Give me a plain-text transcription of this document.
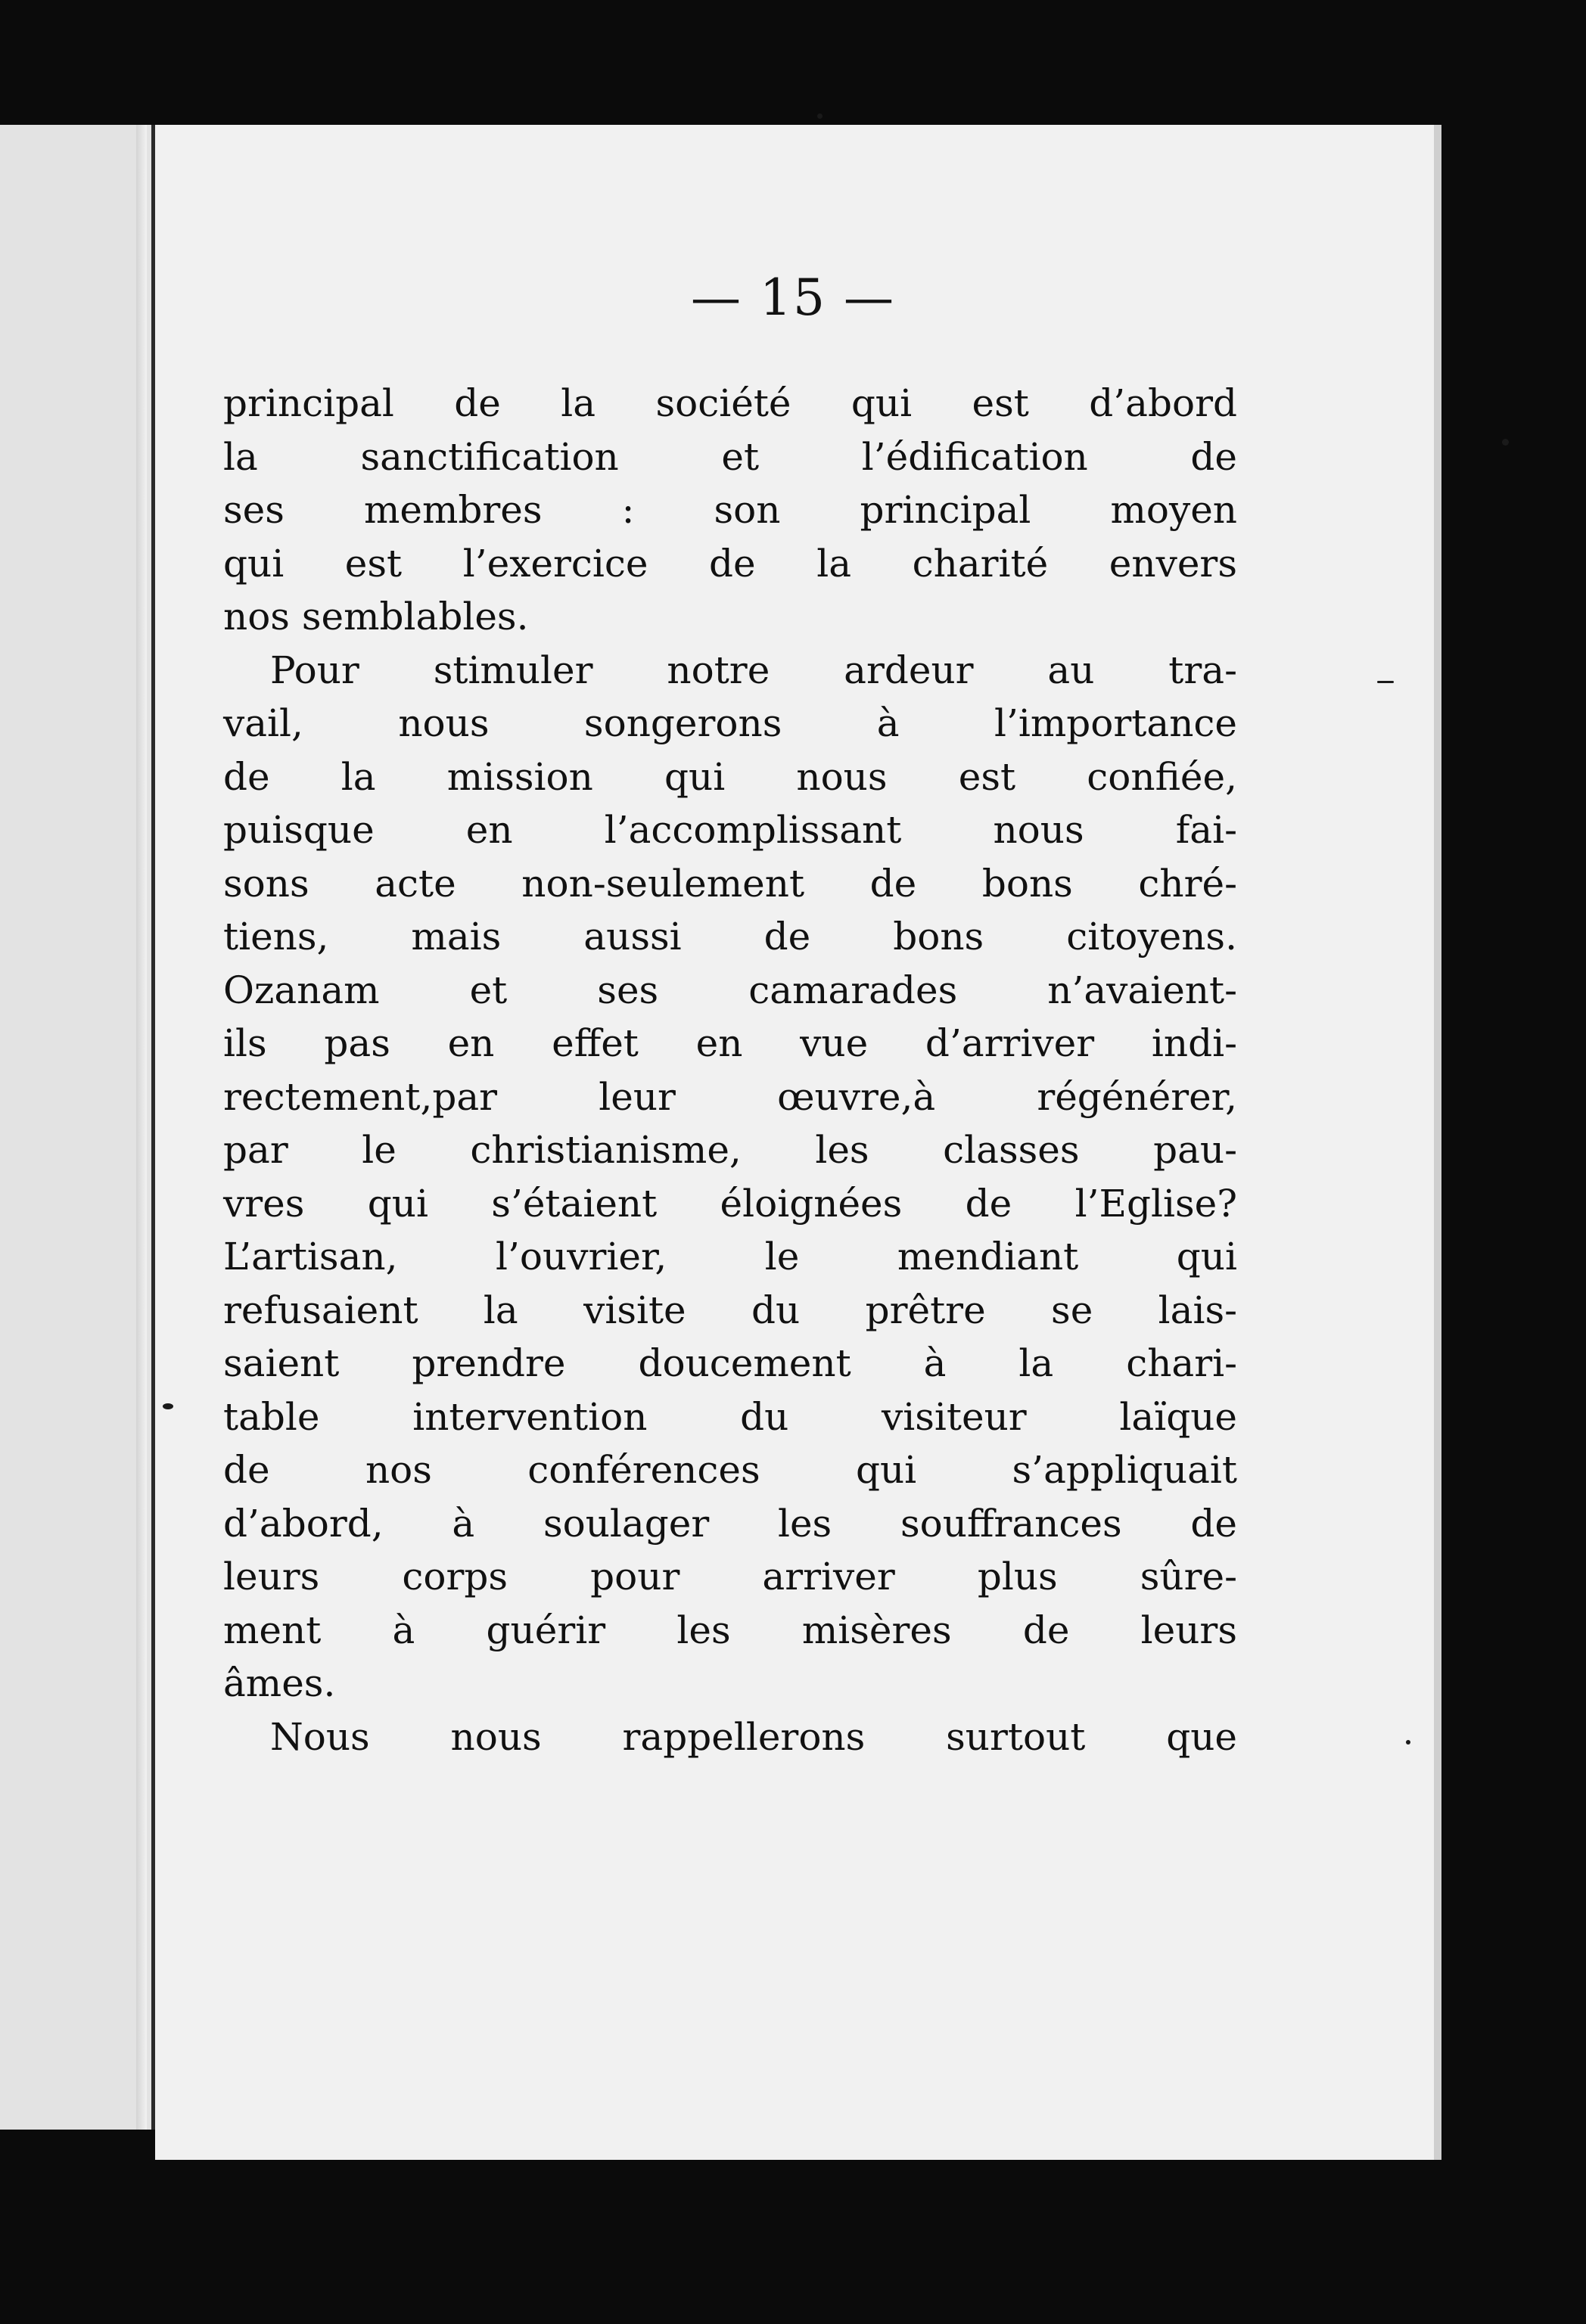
— 15 —
principal de la société qui est d’abord
la sanctification et l’édification de
ses membres : son principal moyen
qui est l’exercice de la charité envers
nos semblables.
Pour stimuler notre ardeur au tra-
vail, nous songerons à l’importance
de la mission qui nous est confiée,
puisque en l’accomplissant nous fai-
sons acte non-seulement de bons chré-
tiens, mais aussi de bons citoyens.
Ozanam et ses camarades n’avaient-
ils pas en effet en vue d’arriver indi-
rectement,par leur œuvre,à régénérer,
par le christianisme, les classes pau-
vres qui s’étaient éloignées de l’Eglise?
L’artisan, l’ouvrier, le mendiant qui
refusaient la visite du prêtre se lais-
saient prendre doucement à la chari-
table intervention du visiteur laïque
de nos conférences qui s’appliquait
d’abord, à soulager les souffrances de
leurs corps pour arriver plus sûre-
ment à guérir les misères de leurs
âmes.
Nous nous rappellerons surtout que
